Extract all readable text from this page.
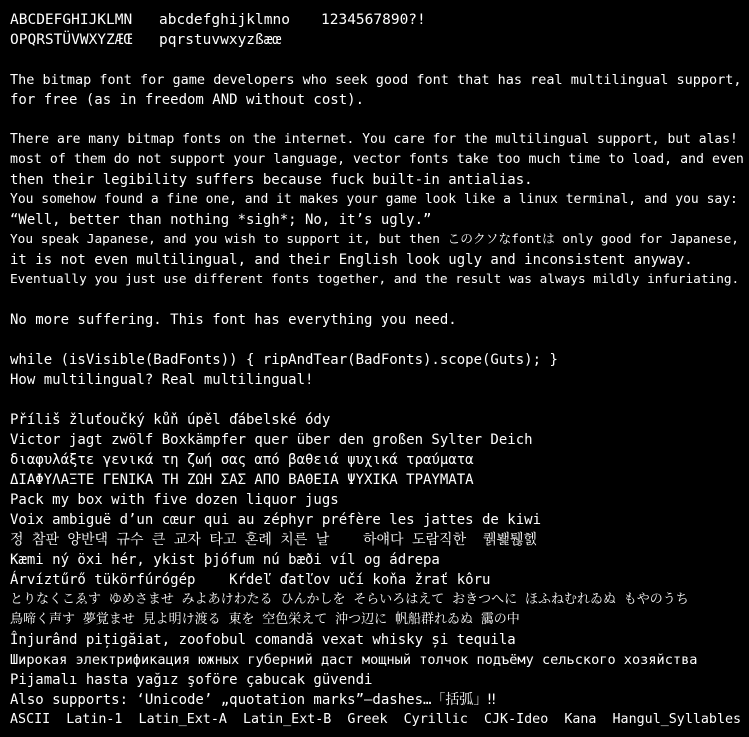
ABCDEFGHIJKLMN abcdefghijklmno 1234567890?!
OPQRSTÜVWXYZÆŒ pqrstuvwxyzßæœ
The bitmap font for game developers who seek good font that has real multilingual support,
for free (as in freedom AND without cost).
There are many bitmap fonts on the internet. You care for the multilingual support, but alas!
most of them do not support your language, vector fonts take too much time to load, and even
then their legibility suffers because fuck built-in antialias.
You somehow found a fine one, and it makes your game look like a linux terminal, and you say:
“Well, better than nothing *sigh*; No, it’s ugly.”
You speak Japanese, and you wish to support it, but then このクソなfontは only good for Japanese,
it is not even multilingual, and their English look ugly and inconsistent anyway.
Eventually you just use different fonts together, and the result was always mildly infuriating.
No more suffering. This font has everything you need.
while (isVisible(BadFonts)) { ripAndTear(BadFonts).scope(Guts); }
How multilingual? Real multilingual!
Příliš žluťoučký kůň úpěl ďábelské ódy
Victor jagt zwölf Boxkämpfer quer über den großen Sylter Deich
διαφυλάξτε γενικά τη ζωή σας από βαθειά ψυχικά τραύματα
ΔΙΑΦΥΛΑΞΤΕ ΓΕΝΙΚΑ ΤΗ ΖΩΗ ΣΑΣ ΑΠΟ ΒΑΘΕΙΑ ΨΥΧΙΚΑ ΤΡΑΥΜΑΤΑ
Pack my box with five dozen liquor jugs
Voix ambiguë d’un cœur qui au zéphyr préfère les jattes de kiwi
정 참판 양반댁 규수 큰 교자 타고 혼례 치른 날    하얘다 도람직한  퀡봹퉪헰
Kæmi ný öxi hér, ykist þjófum nú bæði víl og ádrepa
Árvíztűrő tükörfúrógép    Kŕdeľ ďatľov učí koňa žrať kôru
とりなくこゑす ゆめさませ みよあけわたる ひんかしを そらいろはえて おきつへに ほふねむれゐぬ もやのうち
鳥啼く声す 夢覚ませ 見よ明け渡る 東を 空色栄えて 沖つ辺に 帆船群れゐぬ 靄の中
Înjurând pițigăiat, zoofobul comandă vexat whisky și tequila
Широкая электрификация южных губерний даст мощный толчок подъёму сельского хозяйства
Pijamalı hasta yağız şoföre çabucak güvendi
Also supports: ‘Unicode’ „quotation marks”—dashes…「括弧」‼
ASCII  Latin-1  Latin_Ext-A  Latin_Ext-B  Greek  Cyrillic  CJK-Ideo  Kana  Hangul_Syllables
